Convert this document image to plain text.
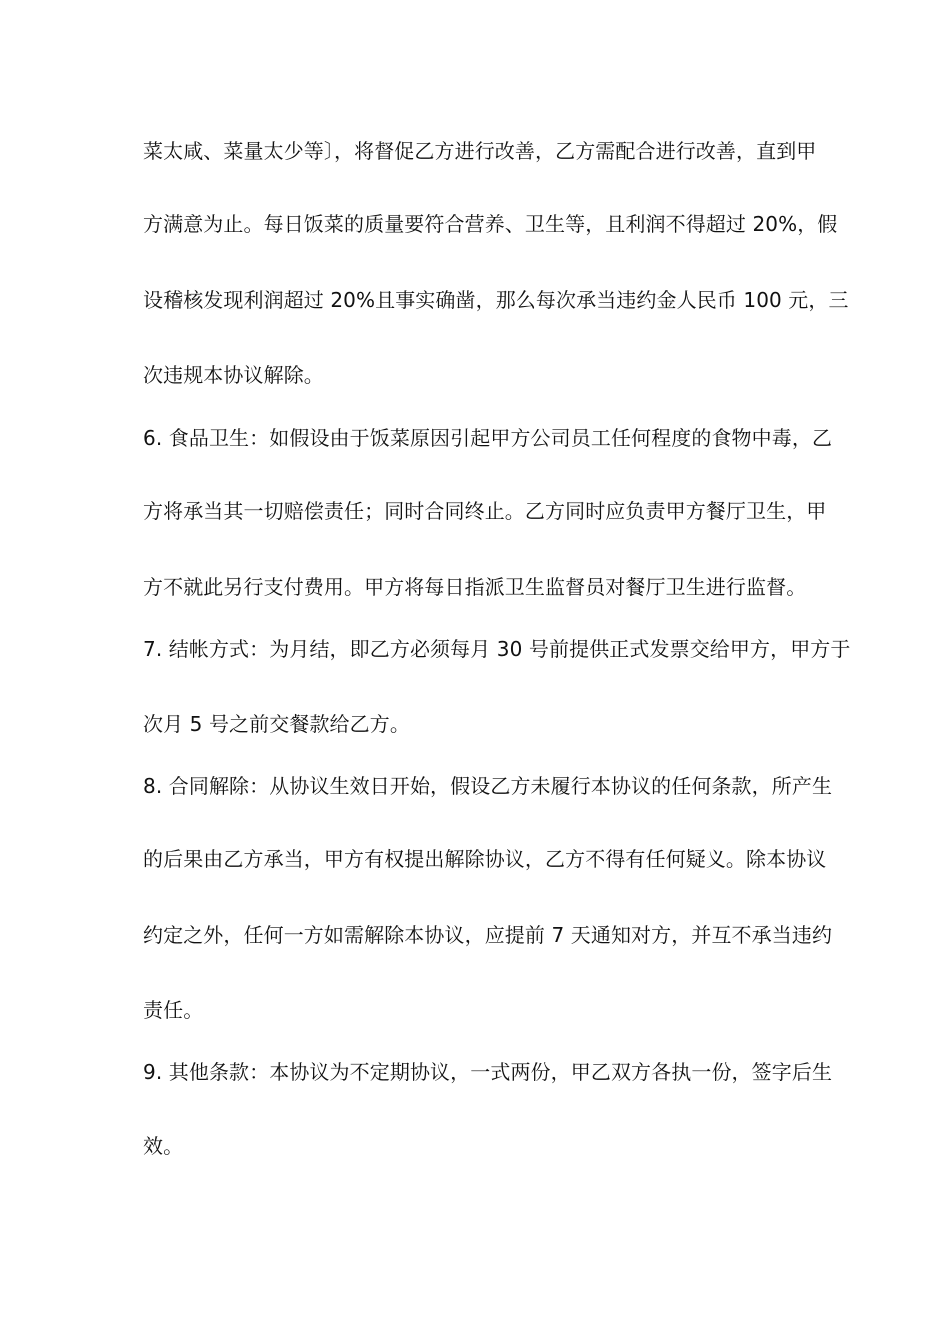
菜太咸、菜量太少等〕，将督促乙方进行改善，乙方需配合进行改善，直到甲
方满意为止。每日饭菜的质量要符合营养、卫生等，且利润不得超过 20%，假
设稽核发现利润超过 20%且事实确凿，那么每次承当违约金人民币 100 元，三
次违规本协议解除。
6. 食品卫生：如假设由于饭菜原因引起甲方公司员工任何程度的食物中毒，乙
方将承当其一切赔偿责任；同时合同终止。乙方同时应负责甲方餐厅卫生，甲
方不就此另行支付费用。甲方将每日指派卫生监督员对餐厅卫生进行监督。
7. 结帐方式：为月结，即乙方必须每月 30 号前提供正式发票交给甲方，甲方于
次月 5 号之前交餐款给乙方。
8. 合同解除：从协议生效日开始，假设乙方未履行本协议的任何条款，所产生
的后果由乙方承当，甲方有权提出解除协议，乙方不得有任何疑义。除本协议
约定之外，任何一方如需解除本协议，应提前 7 天通知对方，并互不承当违约
责任。
9. 其他条款：本协议为不定期协议，一式两份，甲乙双方各执一份，签字后生
效。
